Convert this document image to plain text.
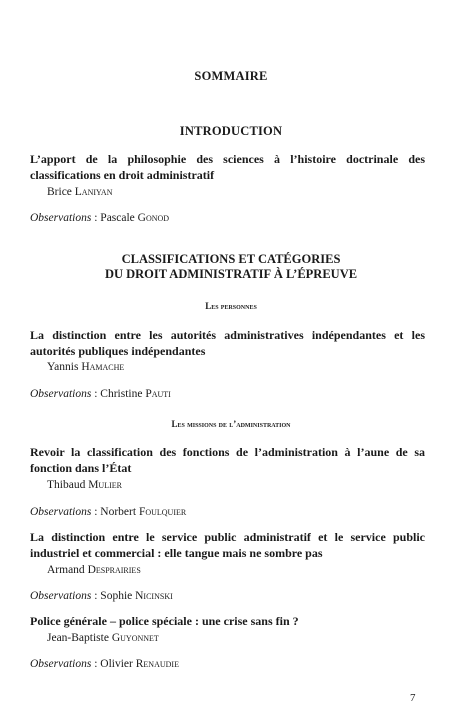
SOMMAIRE
INTRODUCTION
L’apport de la philosophie des sciences à l’histoire doctrinale des classifications en droit administratif
Brice Laniyan
Observations : Pascale Gonod
CLASSIFICATIONS ET CATÉGORIES
DU DROIT ADMINISTRATIF À L’ÉPREUVE
Les personnes
La distinction entre les autorités administratives indépendantes et les autorités publiques indépendantes
Yannis Hamache
Observations : Christine Pauti
Les missions de l’administration
Revoir la classification des fonctions de l’administration à l’aune de sa fonction dans l’État
Thibaud Mulier
Observations : Norbert Foulquier
La distinction entre le service public administratif et le service public industriel et commercial : elle tangue mais ne sombre pas
Armand Desprairies
Observations : Sophie Nicinski
Police générale – police spéciale : une crise sans fin ?
Jean-Baptiste Guyonnet
Observations : Olivier Renaudie
7
